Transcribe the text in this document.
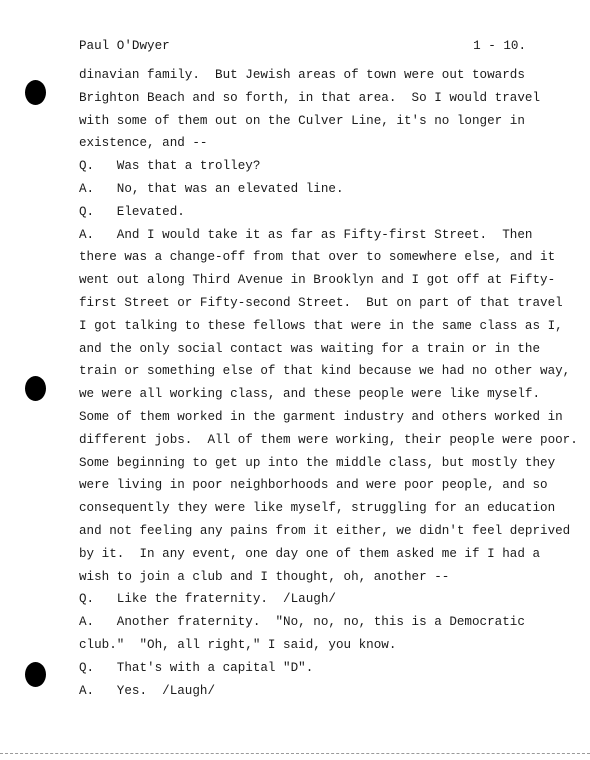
Paul O'Dwyer

	1 - 10.

dinavian family.  But Jewish areas of town were out towards
Brighton Beach and so forth, in that area.  So I would travel
with some of them out on the Culver Line, it's no longer in
existence, and --
Q.   Was that a trolley?
A.   No, that was an elevated line.
Q.   Elevated.
A.   And I would take it as far as Fifty-first Street.  Then
there was a change-off from that over to somewhere else, and it
went out along Third Avenue in Brooklyn and I got off at Fifty-
first Street or Fifty-second Street.  But on part of that travel
I got talking to these fellows that were in the same class as I,
and the only social contact was waiting for a train or in the
train or something else of that kind because we had no other way,
we were all working class, and these people were like myself.
Some of them worked in the garment industry and others worked in
different jobs.  All of them were working, their people were poor.
Some beginning to get up into the middle class, but mostly they
were living in poor neighborhoods and were poor people, and so
consequently they were like myself, struggling for an education
and not feeling any pains from it either, we didn't feel deprived
by it.  In any event, one day one of them asked me if I had a
wish to join a club and I thought, oh, another --
Q.   Like the fraternity.  /Laugh/
A.   Another fraternity.  "No, no, no, this is a Democratic
club."  "Oh, all right," I said, you know.
Q.   That's with a capital "D".
A.   Yes.  /Laugh/
